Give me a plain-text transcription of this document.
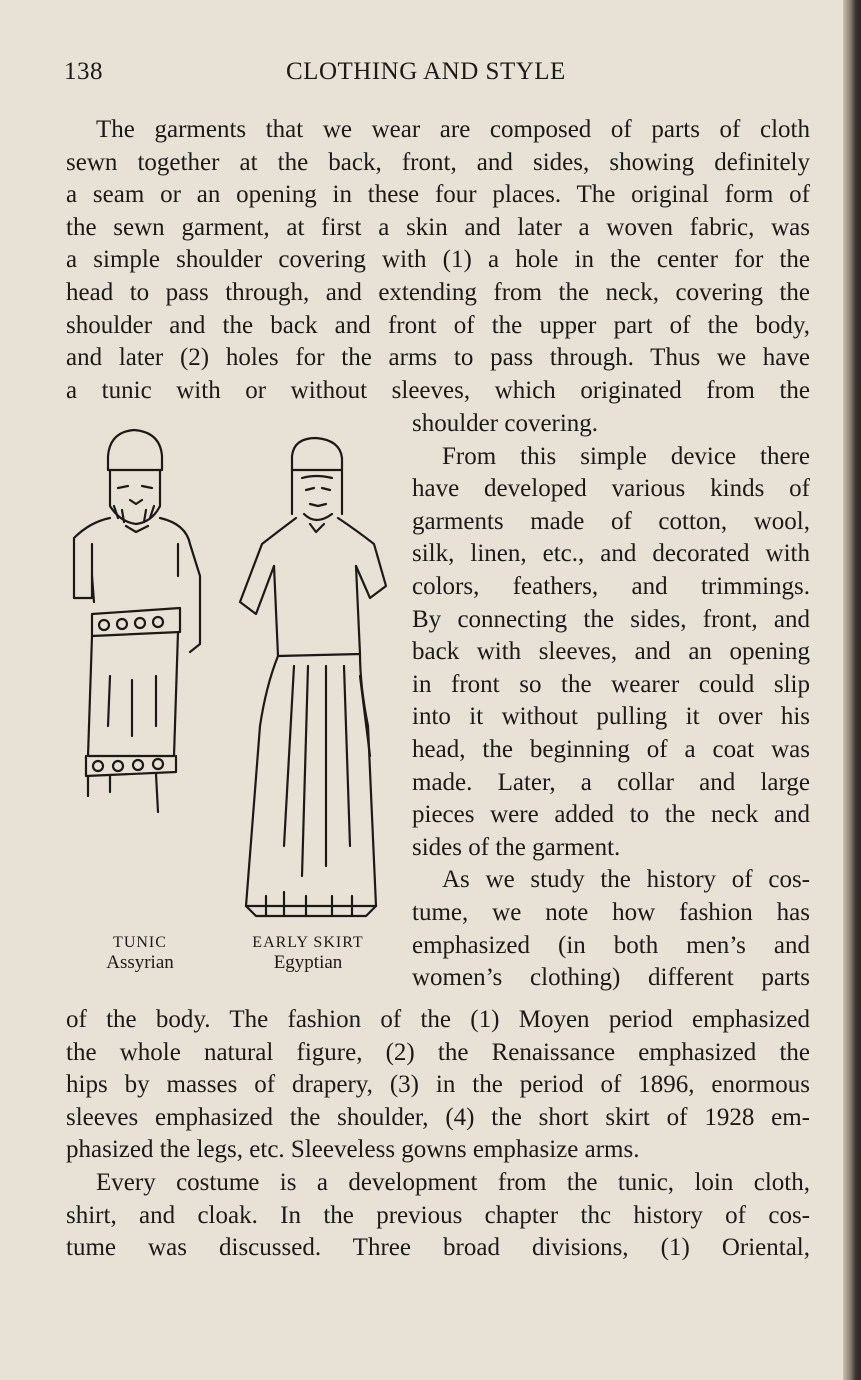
138	CLOTHING AND STYLE
The garments that we wear are composed of parts of cloth
sewn together at the back, front, and sides, showing definitely
a seam or an opening in these four places. The original form of
the sewn garment, at first a skin and later a woven fabric, was
a simple shoulder covering with (1) a hole in the center for the
head to pass through, and extending from the neck, covering the
shoulder and the back and front of the upper part of the body,
and later (2) holes for the arms to pass through. Thus we have
a tunic with or without sleeves, which originated from the
shoulder covering.
From this simple device there
have developed various kinds of
garments made of cotton, wool,
silk, linen, etc., and decorated with
colors, feathers, and trimmings.
By connecting the sides, front, and
back with sleeves, and an opening
in front so the wearer could slip
into it without pulling it over his
head, the beginning of a coat was
made. Later, a collar and large
pieces were added to the neck and
sides of the garment.
As we study the history of cos-
tume, we note how fashion has
emphasized (in both men’s and
women’s clothing) different parts
TUNIC
Assyrian
EARLY SKIRT
Egyptian
of the body. The fashion of the (1) Moyen period emphasized
the whole natural figure, (2) the Renaissance emphasized the
hips by masses of drapery, (3) in the period of 1896, enormous
sleeves emphasized the shoulder, (4) the short skirt of 1928 em-
phasized the legs, etc. Sleeveless gowns emphasize arms.
Every costume is a development from the tunic, loin cloth,
shirt, and cloak. In the previous chapter thc history of cos-
tume was discussed. Three broad divisions, (1) Oriental,
